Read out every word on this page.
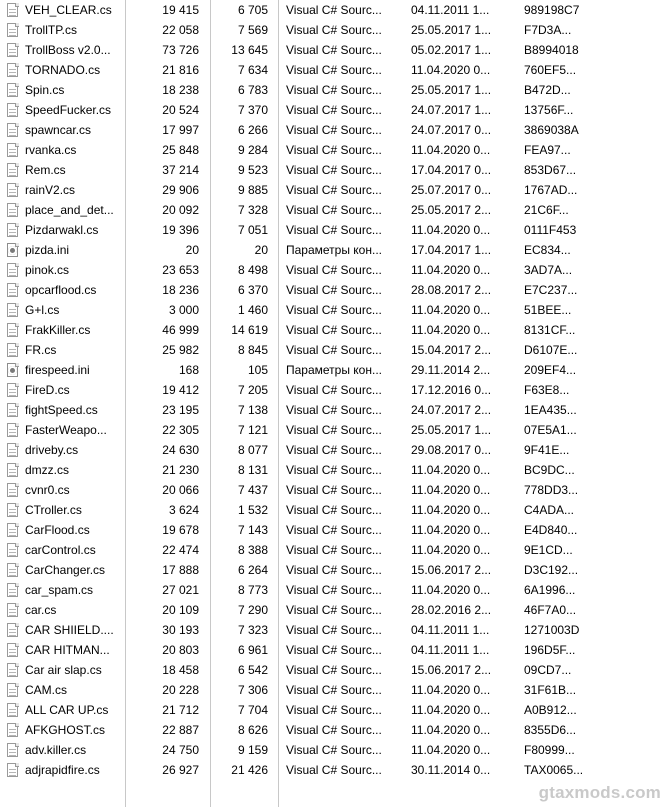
VEH_CLEAR.cs	19 415	6 705	Visual C# Sourc...	04.11.2011 1...	989198C7
TrollTP.cs	22 058	7 569	Visual C# Sourc...	25.05.2017 1...	F7D3A...
TrollBoss v2.0...	73 726	13 645	Visual C# Sourc...	05.02.2017 1...	B8994018
TORNADO.cs	21 816	7 634	Visual C# Sourc...	11.04.2020 0...	760EF5...
Spin.cs	18 238	6 783	Visual C# Sourc...	25.05.2017 1...	B472D...
SpeedFucker.cs	20 524	7 370	Visual C# Sourc...	24.07.2017 1...	13756F...
spawncar.cs	17 997	6 266	Visual C# Sourc...	24.07.2017 0...	3869038A
rvanka.cs	25 848	9 284	Visual C# Sourc...	11.04.2020 0...	FEA97...
Rem.cs	37 214	9 523	Visual C# Sourc...	17.04.2017 0...	853D67...
rainV2.cs	29 906	9 885	Visual C# Sourc...	25.07.2017 0...	1767AD...
place_and_det...	20 092	7 328	Visual C# Sourc...	25.05.2017 2...	21C6F...
Pizdarwakl.cs	19 396	7 051	Visual C# Sourc...	11.04.2020 0...	0111F453
pizda.ini	20	20	Параметры кон...	17.04.2017 1...	EC834...
pinok.cs	23 653	8 498	Visual C# Sourc...	11.04.2020 0...	3AD7A...
opcarflood.cs	18 236	6 370	Visual C# Sourc...	28.08.2017 2...	E7C237...
G+l.cs	3 000	1 460	Visual C# Sourc...	11.04.2020 0...	51BEE...
FrakKiller.cs	46 999	14 619	Visual C# Sourc...	11.04.2020 0...	8131CF...
FR.cs	25 982	8 845	Visual C# Sourc...	15.04.2017 2...	D6107E...
firespeed.ini	168	105	Параметры кон...	29.11.2014 2...	209EF4...
FireD.cs	19 412	7 205	Visual C# Sourc...	17.12.2016 0...	F63E8...
fightSpeed.cs	23 195	7 138	Visual C# Sourc...	24.07.2017 2...	1EA435...
FasterWeapo...	22 305	7 121	Visual C# Sourc...	25.05.2017 1...	07E5A1...
driveby.cs	24 630	8 077	Visual C# Sourc...	29.08.2017 0...	9F41E...
dmzz.cs	21 230	8 131	Visual C# Sourc...	11.04.2020 0...	BC9DC...
cvnr0.cs	20 066	7 437	Visual C# Sourc...	11.04.2020 0...	778DD3...
CTroller.cs	3 624	1 532	Visual C# Sourc...	11.04.2020 0...	C4ADA...
CarFlood.cs	19 678	7 143	Visual C# Sourc...	11.04.2020 0...	E4D840...
carControl.cs	22 474	8 388	Visual C# Sourc...	11.04.2020 0...	9E1CD...
CarChanger.cs	17 888	6 264	Visual C# Sourc...	15.06.2017 2...	D3C192...
car_spam.cs	27 021	8 773	Visual C# Sourc...	11.04.2020 0...	6A1996...
car.cs	20 109	7 290	Visual C# Sourc...	28.02.2016 2...	46F7A0...
CAR SHIIELD....	30 193	7 323	Visual C# Sourc...	04.11.2011 1...	1271003D
CAR HITMAN...	20 803	6 961	Visual C# Sourc...	04.11.2011 1...	196D5F...
Car air slap.cs	18 458	6 542	Visual C# Sourc...	15.06.2017 2...	09CD7...
CAM.cs	20 228	7 306	Visual C# Sourc...	11.04.2020 0...	31F61B...
ALL CAR UP.cs	21 712	7 704	Visual C# Sourc...	11.04.2020 0...	A0B912...
AFKGHOST.cs	22 887	8 626	Visual C# Sourc...	11.04.2020 0...	8355D6...
adv.killer.cs	24 750	9 159	Visual C# Sourc...	11.04.2020 0...	F80999...
adjrapidfire.cs	26 927	21 426	Visual C# Sourc...	30.11.2014 0...	TAX0065...
gtaxmods.com
